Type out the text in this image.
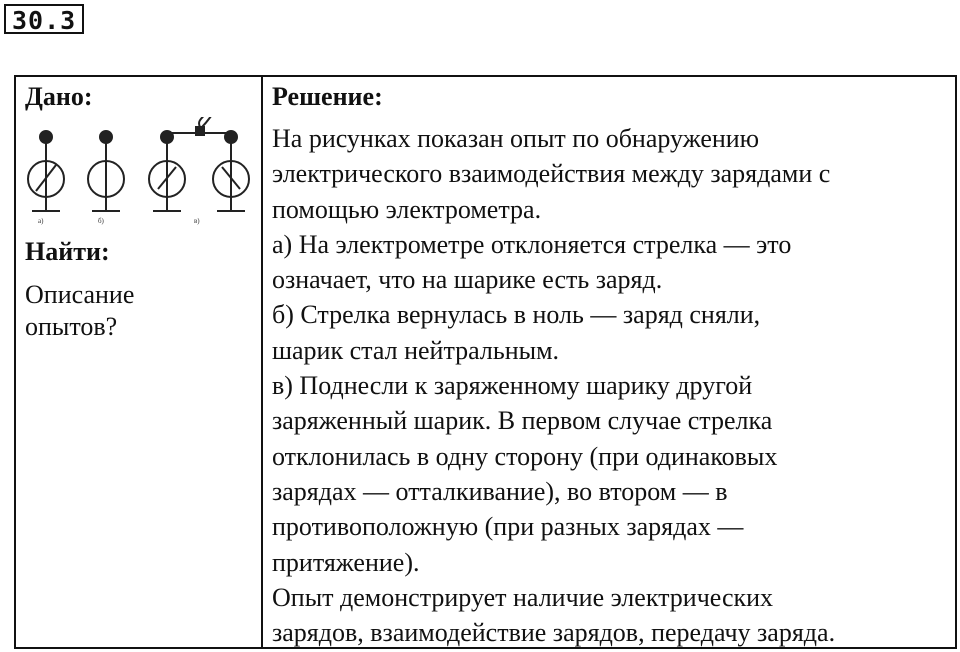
30.3
Дано:
а)	б)	в)
Найти:
Описание
опытов?
Решение:
На рисунках показан опыт по обнаружению
электрического взаимодействия между зарядами с
помощью электрометра.
а) На электрометре отклоняется стрелка — это
означает, что на шарике есть заряд.
б) Стрелка вернулась в ноль — заряд сняли,
шарик стал нейтральным.
в) Поднесли к заряженному шарику другой
заряженный шарик. В первом случае стрелка
отклонилась в одну сторону (при одинаковых
зарядах — отталкивание), во втором — в
противоположную (при разных зарядах —
притяжение).
Опыт демонстрирует наличие электрических
зарядов, взаимодействие зарядов, передачу заряда.
